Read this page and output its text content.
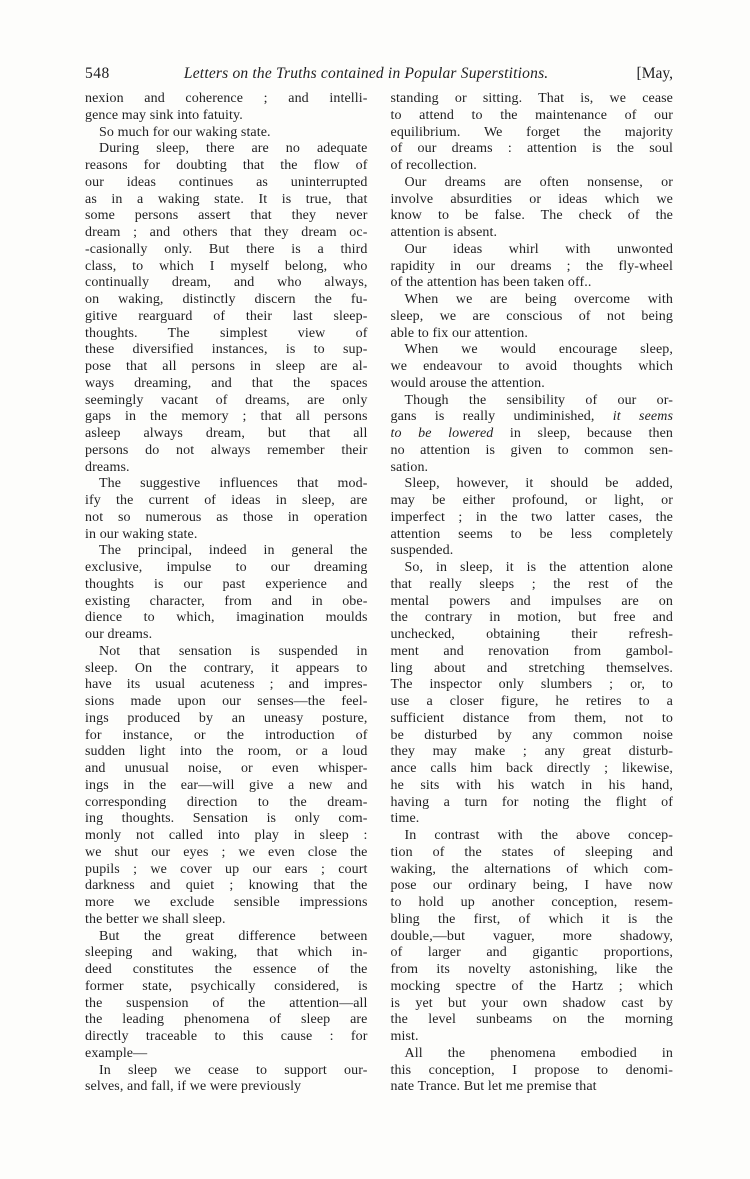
548	Letters on the Truths contained in Popular Superstitions.	[May,
nexion and coherence ; and intelli-
gence may sink into fatuity.
So much for our waking state.
During sleep, there are no adequate
reasons for doubting that the flow of
our ideas continues as uninterrupted
as in a waking state. It is true, that
some persons assert that they never
dream ; and others that they dream oc-
-casionally only. But there is a third
class, to which I myself belong, who
continually dream, and who always,
on waking, distinctly discern the fu-
gitive rearguard of their last sleep-
thoughts. The simplest view of
these diversified instances, is to sup-
pose that all persons in sleep are al-
ways dreaming, and that the spaces
seemingly vacant of dreams, are only
gaps in the memory ; that all persons
asleep always dream, but that all
persons do not always remember their
dreams.
The suggestive influences that mod-
ify the current of ideas in sleep, are
not so numerous as those in operation
in our waking state.
The principal, indeed in general the
exclusive, impulse to our dreaming
thoughts is our past experience and
existing character, from and in obe-
dience to which, imagination moulds
our dreams.
Not that sensation is suspended in
sleep. On the contrary, it appears to
have its usual acuteness ; and impres-
sions made upon our senses—the feel-
ings produced by an uneasy posture,
for instance, or the introduction of
sudden light into the room, or a loud
and unusual noise, or even whisper-
ings in the ear—will give a new and
corresponding direction to the dream-
ing thoughts. Sensation is only com-
monly not called into play in sleep :
we shut our eyes ; we even close the
pupils ; we cover up our ears ; court
darkness and quiet ; knowing that the
more we exclude sensible impressions
the better we shall sleep.
But the great difference between
sleeping and waking, that which in-
deed constitutes the essence of the
former state, psychically considered, is
the suspension of the attention—all
the leading phenomena of sleep are
directly traceable to this cause : for
example—
In sleep we cease to support our-
selves, and fall, if we were previously
standing or sitting. That is, we cease
to attend to the maintenance of our
equilibrium. We forget the majority
of our dreams : attention is the soul
of recollection.
Our dreams are often nonsense, or
involve absurdities or ideas which we
know to be false. The check of the
attention is absent.
Our ideas whirl with unwonted
rapidity in our dreams ; the fly-wheel
of the attention has been taken off..
When we are being overcome with
sleep, we are conscious of not being
able to fix our attention.
When we would encourage sleep,
we endeavour to avoid thoughts which
would arouse the attention.
Though the sensibility of our or-
gans is really undiminished, it seems
to be lowered in sleep, because then
no attention is given to common sen-
sation.
Sleep, however, it should be added,
may be either profound, or light, or
imperfect ; in the two latter cases, the
attention seems to be less completely
suspended.
So, in sleep, it is the attention alone
that really sleeps ; the rest of the
mental powers and impulses are on
the contrary in motion, but free and
unchecked, obtaining their refresh-
ment and renovation from gambol-
ling about and stretching themselves.
The inspector only slumbers ; or, to
use a closer figure, he retires to a
sufficient distance from them, not to
be disturbed by any common noise
they may make ; any great disturb-
ance calls him back directly ; likewise,
he sits with his watch in his hand,
having a turn for noting the flight of
time.
In contrast with the above concep-
tion of the states of sleeping and
waking, the alternations of which com-
pose our ordinary being, I have now
to hold up another conception, resem-
bling the first, of which it is the
double,—but vaguer, more shadowy,
of larger and gigantic proportions,
from its novelty astonishing, like the
mocking spectre of the Hartz ; which
is yet but your own shadow cast by
the level sunbeams on the morning
mist.
All the phenomena embodied in
this conception, I propose to denomi-
nate Trance. But let me premise that
